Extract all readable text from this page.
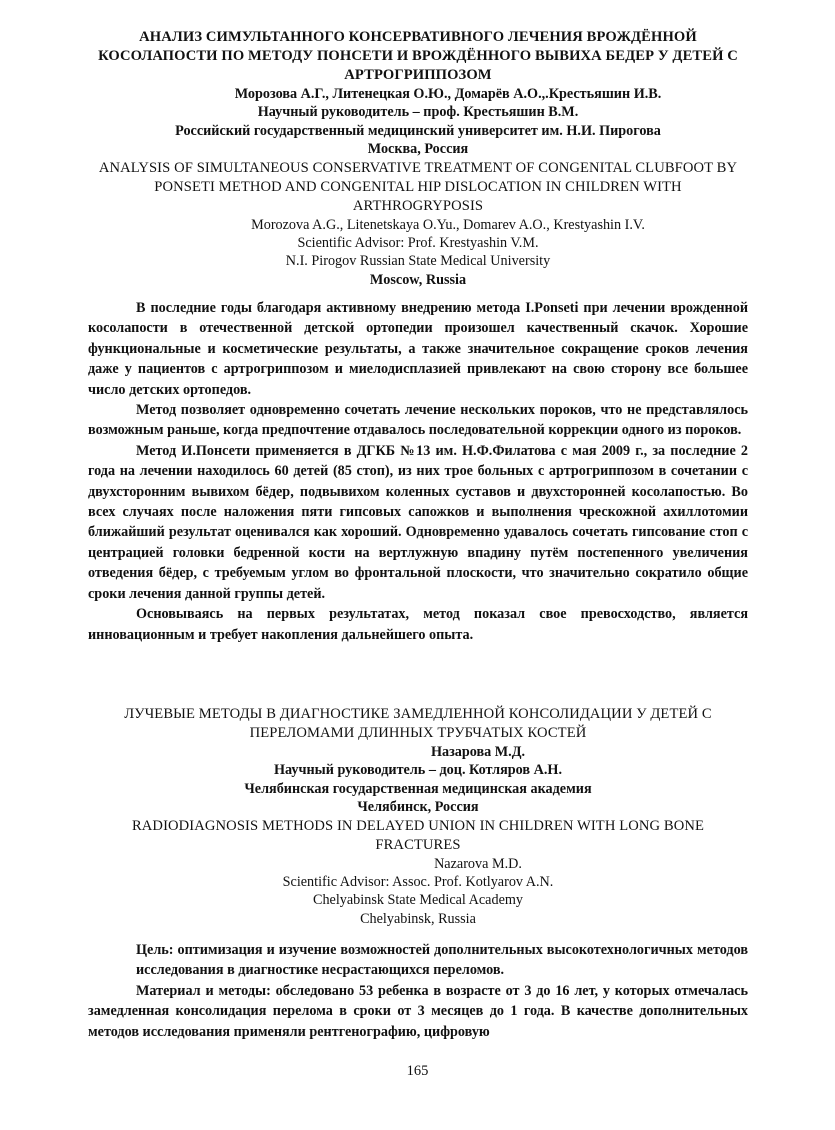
АНАЛИЗ СИМУЛЬТАННОГО КОНСЕРВАТИВНОГО ЛЕЧЕНИЯ ВРОЖДЁННОЙ КОСОЛАПОСТИ ПО МЕТОДУ ПОНСЕТИ И ВРОЖДЁННОГО ВЫВИХА БЕДЕР У ДЕТЕЙ С АРТРОГРИППОЗОМ

Морозова А.Г., Литенецкая О.Ю., Домарёв А.О.,.Крестьяшин И.В.

Научный руководитель – проф. Крестьяшин В.М.

Российский государственный медицинский университет им. Н.И. Пирогова

Москва, Россия

ANALYSIS OF SIMULTANEOUS CONSERVATIVE TREATMENT OF CONGENITAL CLUBFOOT BY PONSETI METHOD AND CONGENITAL HIP DISLOCATION IN CHILDREN WITH ARTHROGRYPOSIS

Morozova A.G., Litenetskaya O.Yu., Domarev A.O., Krestyashin I.V.

Scientific Advisor: Prof. Krestyashin V.M.

N.I. Pirogov Russian State Medical University

Moscow, Russia

В последние годы благодаря активному внедрению метода I.Ponseti при лечении врожденной косолапости в отечественной детской ортопедии произошел качественный скачок. Хорошие функциональные и косметические результаты, а также значительное сокращение сроков лечения даже у пациентов с артрогриппозом и миелодисплазией привлекают на свою сторону все большее число детских ортопедов.

Метод позволяет одновременно сочетать лечение нескольких пороков, что не представлялось возможным раньше, когда предпочтение отдавалось последовательной коррекции одного из пороков.

Метод И.Понсети применяется в ДГКБ №13 им. Н.Ф.Филатова с мая 2009 г., за последние 2 года на лечении находилось 60 детей (85 стоп), из них трое больных с артрогриппозом в сочетании с двухсторонним вывихом бёдер, подвывихом коленных суставов и двухсторонней косолапостью. Во всех случаях после наложения пяти гипсовых сапожков и выполнения чрескожной ахиллотомии ближайший результат оценивался как хороший. Одновременно удавалось сочетать гипсование стоп с центрацией головки бедренной кости на вертлужную впадину путём постепенного увеличения отведения бёдер, с требуемым углом во фронтальной плоскости, что значительно сократило общие сроки лечения данной группы детей.

Основываясь на первых результатах, метод показал свое превосходство, является инновационным и требует накопления дальнейшего опыта.

ЛУЧЕВЫЕ МЕТОДЫ В ДИАГНОСТИКЕ ЗАМЕДЛЕННОЙ КОНСОЛИДАЦИИ У ДЕТЕЙ С ПЕРЕЛОМАМИ ДЛИННЫХ ТРУБЧАТЫХ КОСТЕЙ

Назарова М.Д.

Научный руководитель – доц. Котляров А.Н.

Челябинская государственная медицинская академия

Челябинск, Россия

RADIODIAGNOSIS METHODS IN DELAYED UNION IN CHILDREN WITH LONG BONE FRACTURES

Nazarova M.D.

Scientific Advisor: Assoc. Prof. Kotlyarov A.N.

Chelyabinsk State Medical Academy

Chelyabinsk, Russia

Цель: оптимизация и изучение возможностей дополнительных высокотехнологичных методов исследования в диагностике несрастающихся переломов.

Материал и методы: обследовано 53 ребенка в возрасте от 3 до 16 лет, у которых отмечалась замедленная консолидация перелома в сроки от 3 месяцев до 1 года. В качестве дополнительных методов исследования применяли рентгенографию, цифровую

165
